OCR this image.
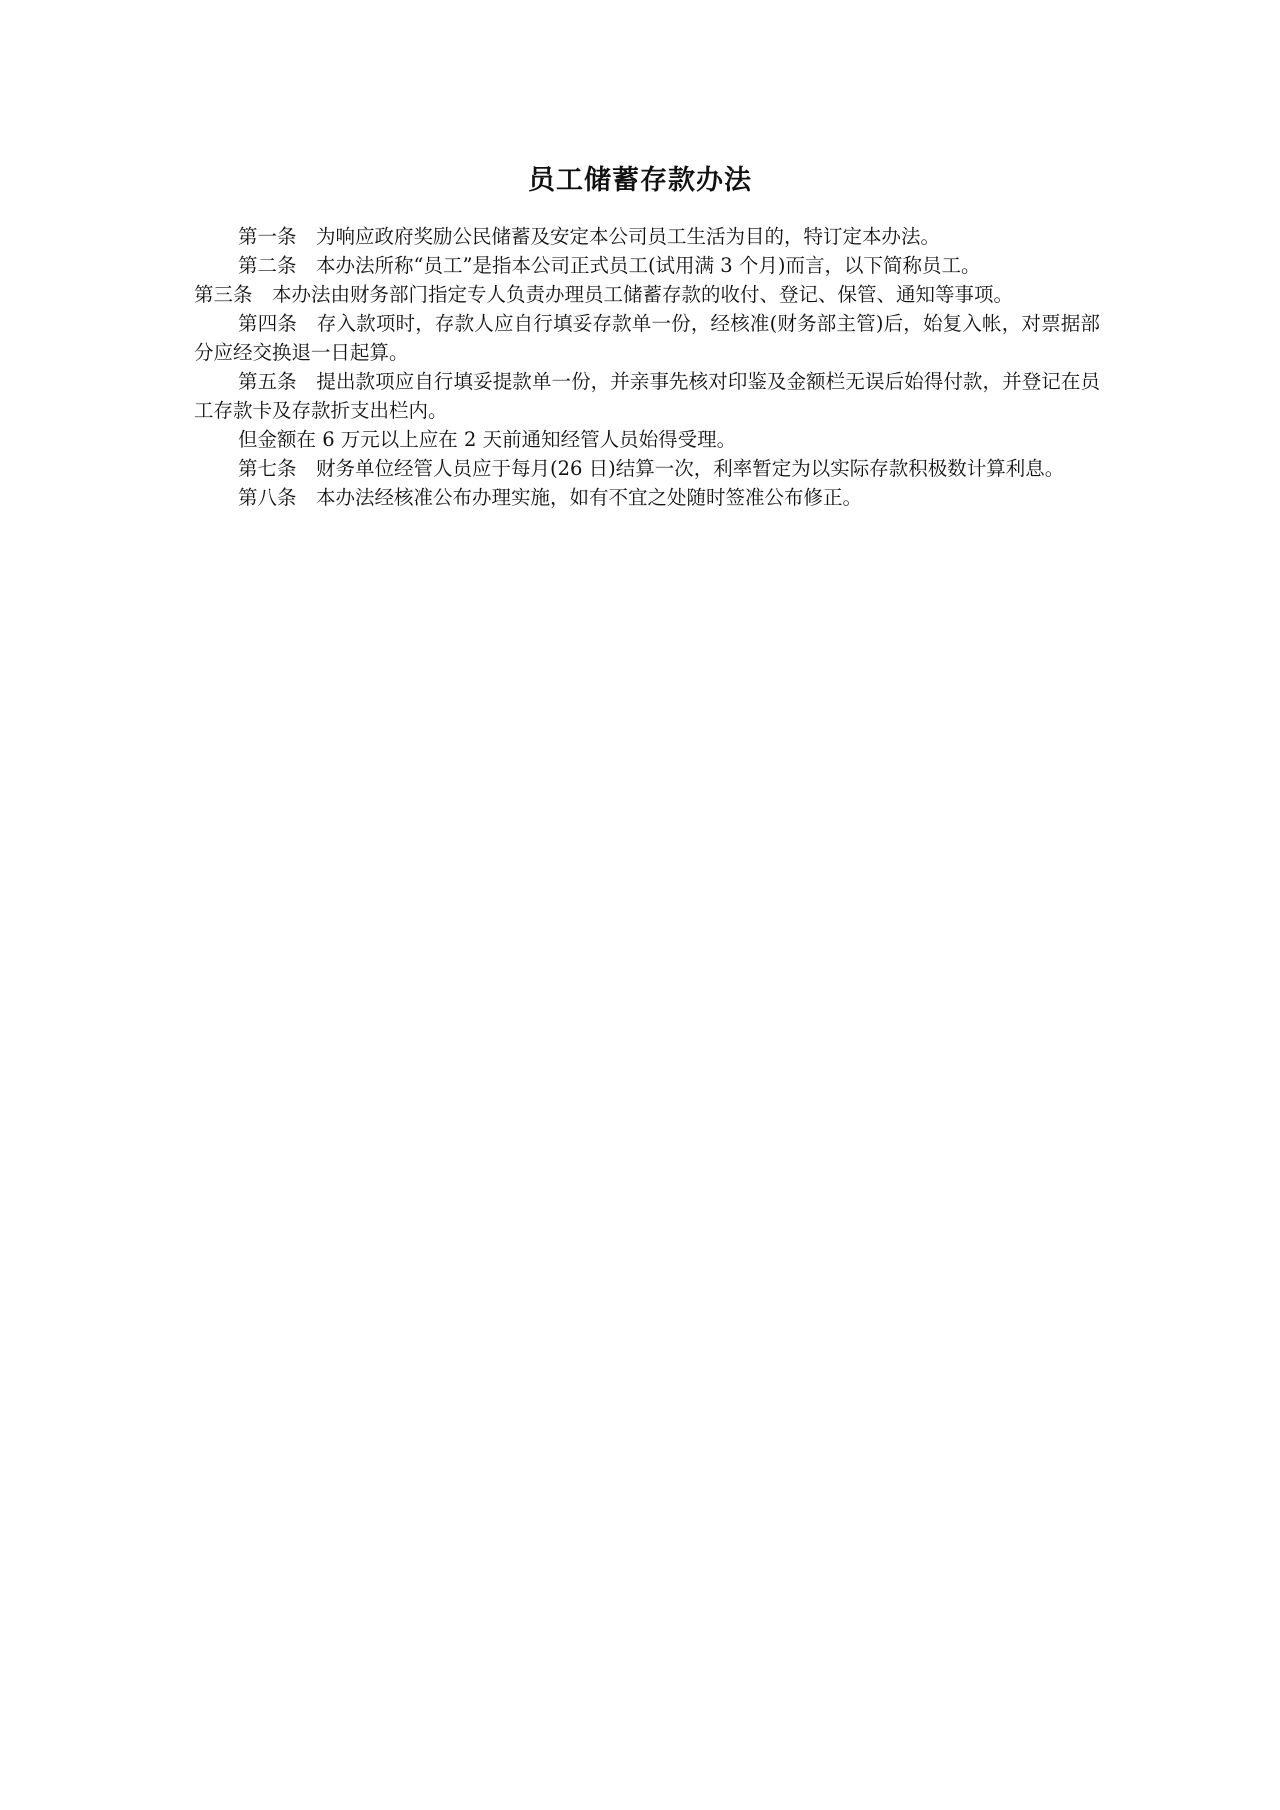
员工储蓄存款办法

第一条　为响应政府奖励公民储蓄及安定本公司员工生活为目的，特订定本办法。

第二条　本办法所称“员工”是指本公司正式员工(试用满 3 个月)而言，以下简称员工。

第三条　本办法由财务部门指定专人负责办理员工储蓄存款的收付、登记、保管、通知等事项。

第四条　存入款项时，存款人应自行填妥存款单一份，经核准(财务部主管)后，始复入帐，对票据部分应经交换退一日起算。

第五条　提出款项应自行填妥提款单一份，并亲事先核对印鉴及金额栏无误后始得付款，并登记在员工存款卡及存款折支出栏内。

但金额在 6 万元以上应在 2 天前通知经管人员始得受理。

第七条　财务单位经管人员应于每月(26 日)结算一次，利率暂定为以实际存款积极数计算利息。

第八条　本办法经核准公布办理实施，如有不宜之处随时签准公布修正。
